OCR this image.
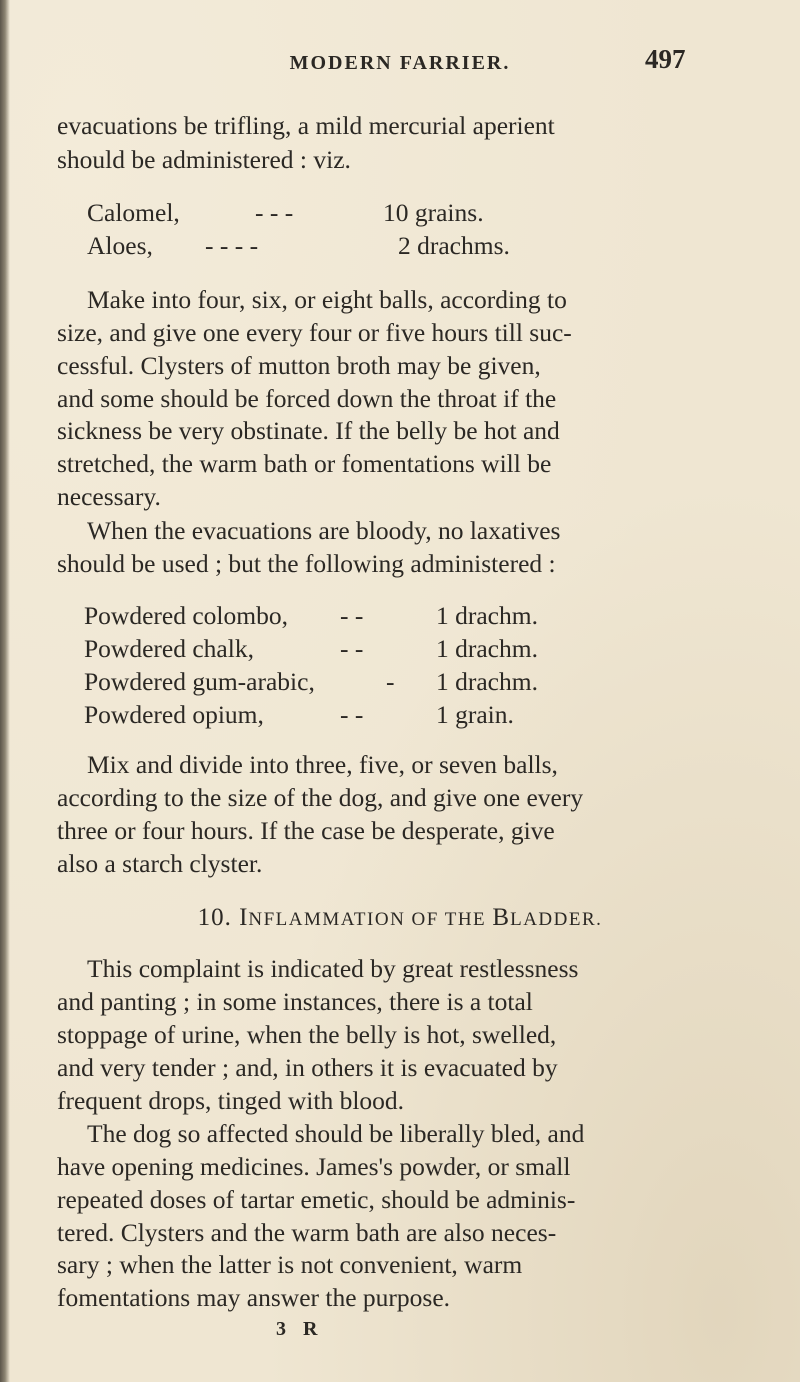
MODERN FARRIER.	497
evacuations be trifling, a mild mercurial aperient
should be administered : viz.
Calomel,	- - -	10 grains.
Aloes, - - - -	2 drachms.
Make into four, six, or eight balls, according to
size, and give one every four or five hours till suc-
cessful. Clysters of mutton broth may be given,
and some should be forced down the throat if the
sickness be very obstinate. If the belly be hot and
stretched, the warm bath or fomentations will be
necessary.
When the evacuations are bloody, no laxatives
should be used ; but the following administered :
Powdered colombo, - -	1 drachm.
Powdered chalk,	- -	1 drachm.
Powdered gum-arabic,	- 1 drachm.
Powdered opium,	- -	1 grain.
Mix and divide into three, five, or seven balls,
according to the size of the dog, and give one every
three or four hours. If the case be desperate, give
also a starch clyster.
10. INFLAMMATION OF THE BLADDER.
This complaint is indicated by great restlessness
and panting ; in some instances, there is a total
stoppage of urine, when the belly is hot, swelled,
and very tender ; and, in others it is evacuated by
frequent drops, tinged with blood.
The dog so affected should be liberally bled, and
have opening medicines. James's powder, or small
repeated doses of tartar emetic, should be adminis-
tered. Clysters and the warm bath are also neces-
sary ; when the latter is not convenient, warm
fomentations may answer the purpose.
3 R
